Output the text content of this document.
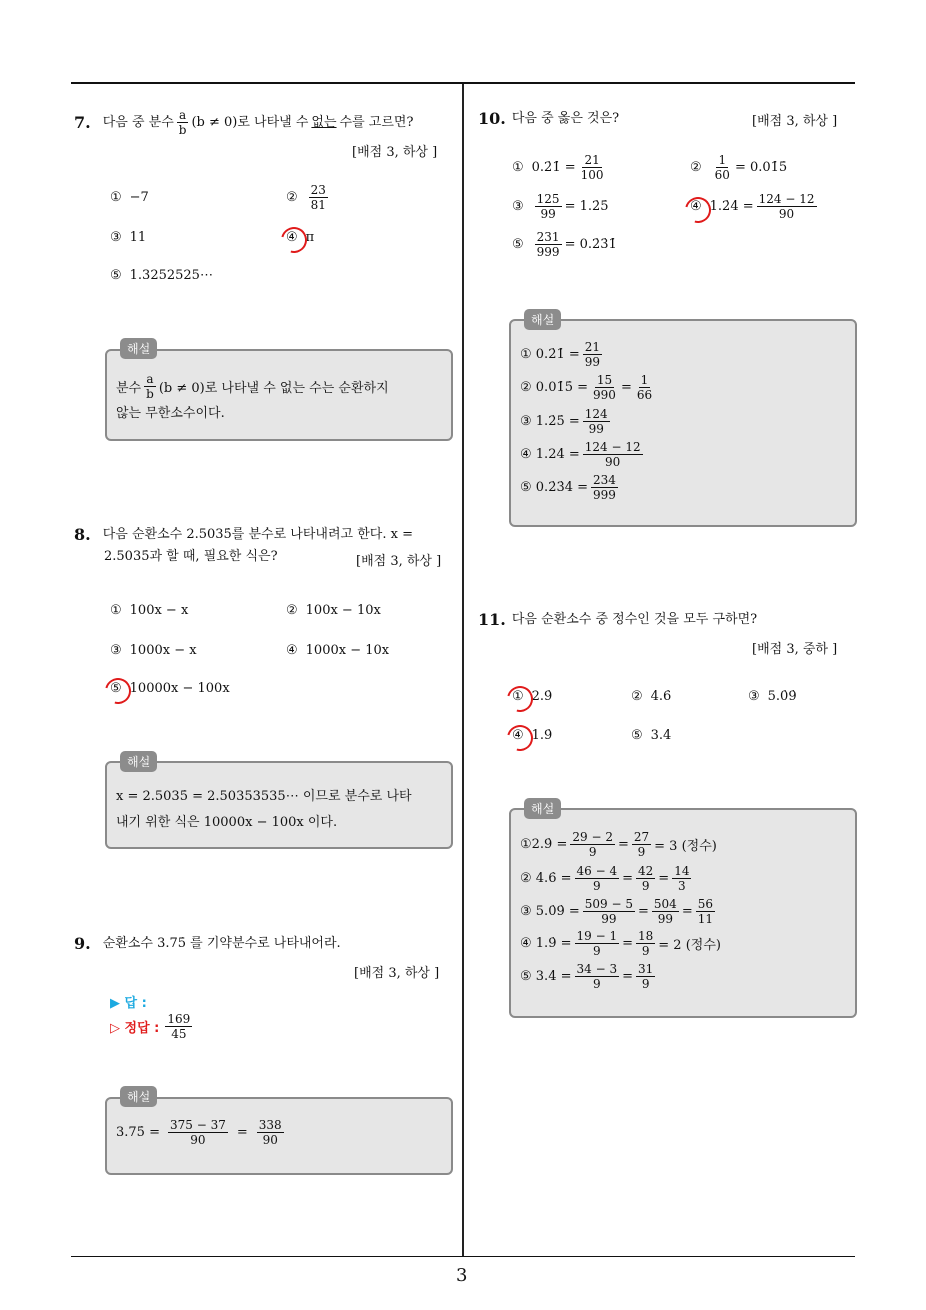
3
7. 다음 중 분수 $\frac{a}{b} (b \ne 0)$로 나타낼 수 없는 수를 고르면?
[배점 3, 하상 ]
① −7	② $\frac{23}{81}$
③ 11	④ π
⑤ 1.3252525⋯
해설
분수 $\frac{a}{b} (b \ne 0)$로 나타낼 수 없는 수는 순환하지
않는 무한소수이다.
8. 다음 순환소수 2.5035̇를 분수로 나타내려고 한다. x =
2.5035̇과 할 때, 필요한 식은?	[배점 3, 하상 ]
① 100x − x	② 100x − 10x
③ 1000x − x	④ 1000x − 10x
⑤ 10000x − 100x
해설
x = 2.5035̇ = 2.50353535⋯ 이므로 분수로 나타
내기 위한 식은 10000x − 100x 이다.
9. 순환소수 3.75̇ 를 기약분수로 나타내어라.
[배점 3, 하상 ]
▶ 답 :
▷ 정답 : $\frac{169}{45}$
해설
3.75̇ = $\frac{375 - 37}{90} = \frac{338}{90}$
10. 다음 중 옳은 것은?	[배점 3, 하상 ]
① 0.2̇1̇ = $\frac{21}{100}$	② $\frac{1}{60}$ = 0.01̇5̇
③ $\frac{125}{99}$ = 1.2̇5̇	④ 1.2̇4̇ = $\frac{124 - 12}{90}$
⑤ $\frac{231}{999}$ = 0.2̇3̇1̇
해설
① 0.2̇1̇ = $\frac{21}{99}$
② 0.01̇5̇ = $\frac{15}{990} = \frac{1}{66}$
③ 1.2̇5̇ = $\frac{124}{99}$
④ 1.24̇ = $\frac{124 - 12}{90}$
⑤ 0.2̇3̇4̇ = $\frac{234}{999}$
11. 다음 순환소수 중 정수인 것을 모두 구하면?
[배점 3, 중하 ]
① 2.9̇	② 4.6̇	③ 5.0̇9̇
④ 1.9̇	⑤ 3.4̇
해설
①2.9̇ = $\frac{29 - 2}{9} = \frac{27}{9} = 3$ (정수)
② 4.6̇ = $\frac{46 - 4}{9} = \frac{42}{9} = \frac{14}{3}$
③ 5.0̇9̇ = $\frac{509 - 5}{99} = \frac{504}{99} = \frac{56}{11}$
④ 1.9̇ = $\frac{19 - 1}{9} = \frac{18}{9} = 2$ (정수)
⑤ 3.4̇ = $\frac{34 - 3}{9} = \frac{31}{9}$
